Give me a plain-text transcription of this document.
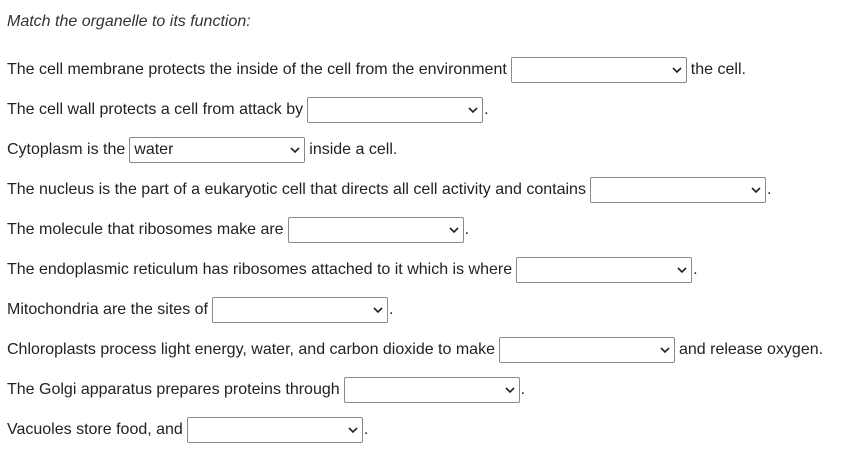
Match the organelle to its function:
The cell membrane protects the inside of the cell from the environment	the cell.
The cell wall protects a cell from attack by	.
Cytoplasm is the water	inside a cell.
The nucleus is the part of a eukaryotic cell that directs all cell activity and contains	.
The molecule that ribosomes make are	.
The endoplasmic reticulum has ribosomes attached to it which is where	.
Mitochondria are the sites of	.
Chloroplasts process light energy, water, and carbon dioxide to make	and release oxygen.
The Golgi apparatus prepares proteins through	.
Vacuoles store food, and	.
